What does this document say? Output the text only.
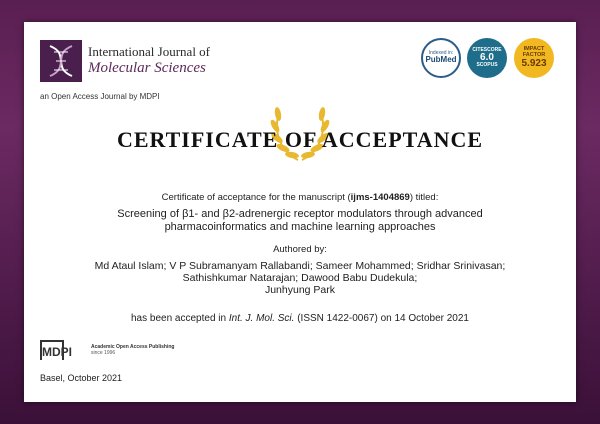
International Journal of
Molecular Sciences
an Open Access Journal by MDPI
Indexed in:
PubMed
CITESCORE
6.0
SCOPUS
IMPACT
FACTOR
5.923
CERTIFICATE OF ACCEPTANCE
Certificate of acceptance for the manuscript (ijms-1404869) titled:
Screening of β1- and β2-adrenergic receptor modulators through advanced
pharmacoinformatics and machine learning approaches
Authored by:
Md Ataul Islam; V P Subramanyam Rallabandi; Sameer Mohammed; Sridhar Srinivasan;
Sathishkumar Natarajan; Dawood Babu Dudekula;
Junhyung Park
has been accepted in Int. J. Mol. Sci. (ISSN 1422-0067) on 14 October 2021
MDPI	Academic Open Access Publishing
since 1996
Basel, October 2021
